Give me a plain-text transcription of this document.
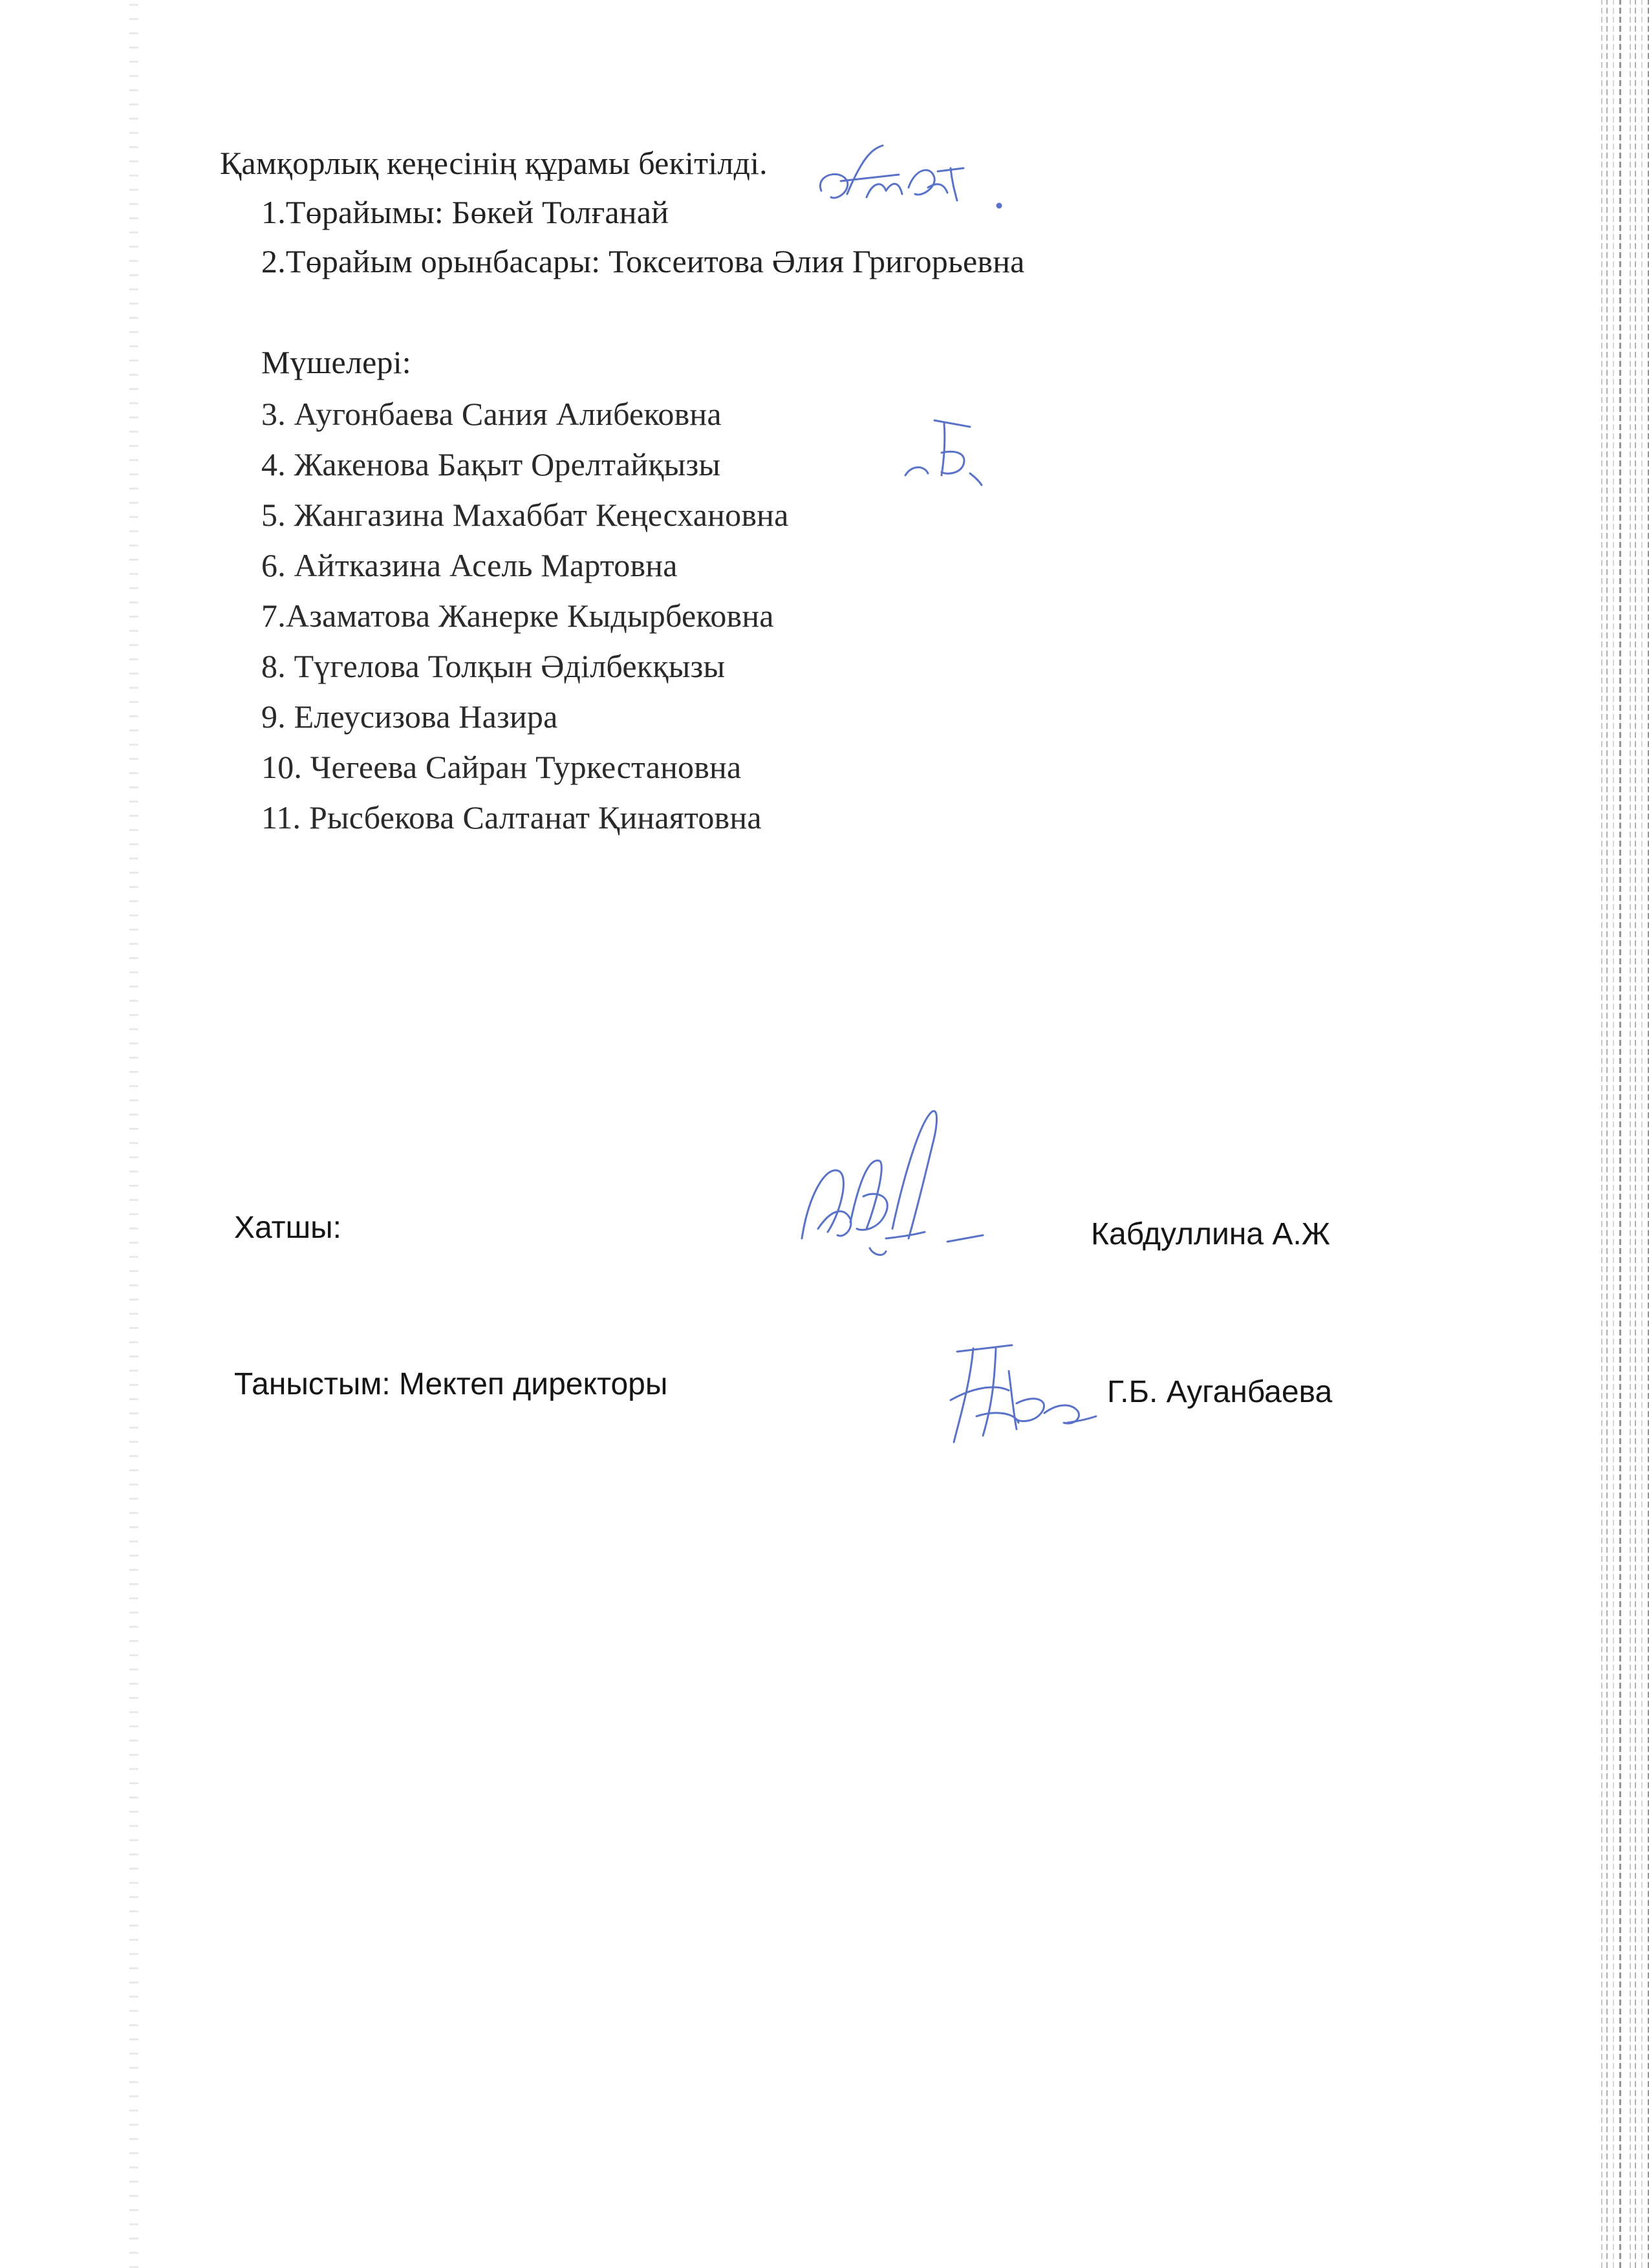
Қамқорлық кеңесінің құрамы бекітілді.
1.Төрайымы: Бөкей Толғанай
2.Төрайым орынбасары: Токсеитова Әлия Григорьевна
Мүшелері:
3. Аугонбаева Сания Алибековна
4. Жакенова Бақыт Орелтайқызы
5. Жангазина Махаббат Кеңесхановна
6. Айтказина Асель Мартовна
7.Азаматова Жанерке Кыдырбековна
8. Түгелова Толқын Әділбекқызы
9. Елеусизова Назира
10. Чегеева Сайран Туркестановна
11. Рысбекова Салтанат Қинаятовна
Хатшы:	Кабдуллина А.Ж
Таныстым: Мектеп директоры	Г.Б. Ауганбаева
